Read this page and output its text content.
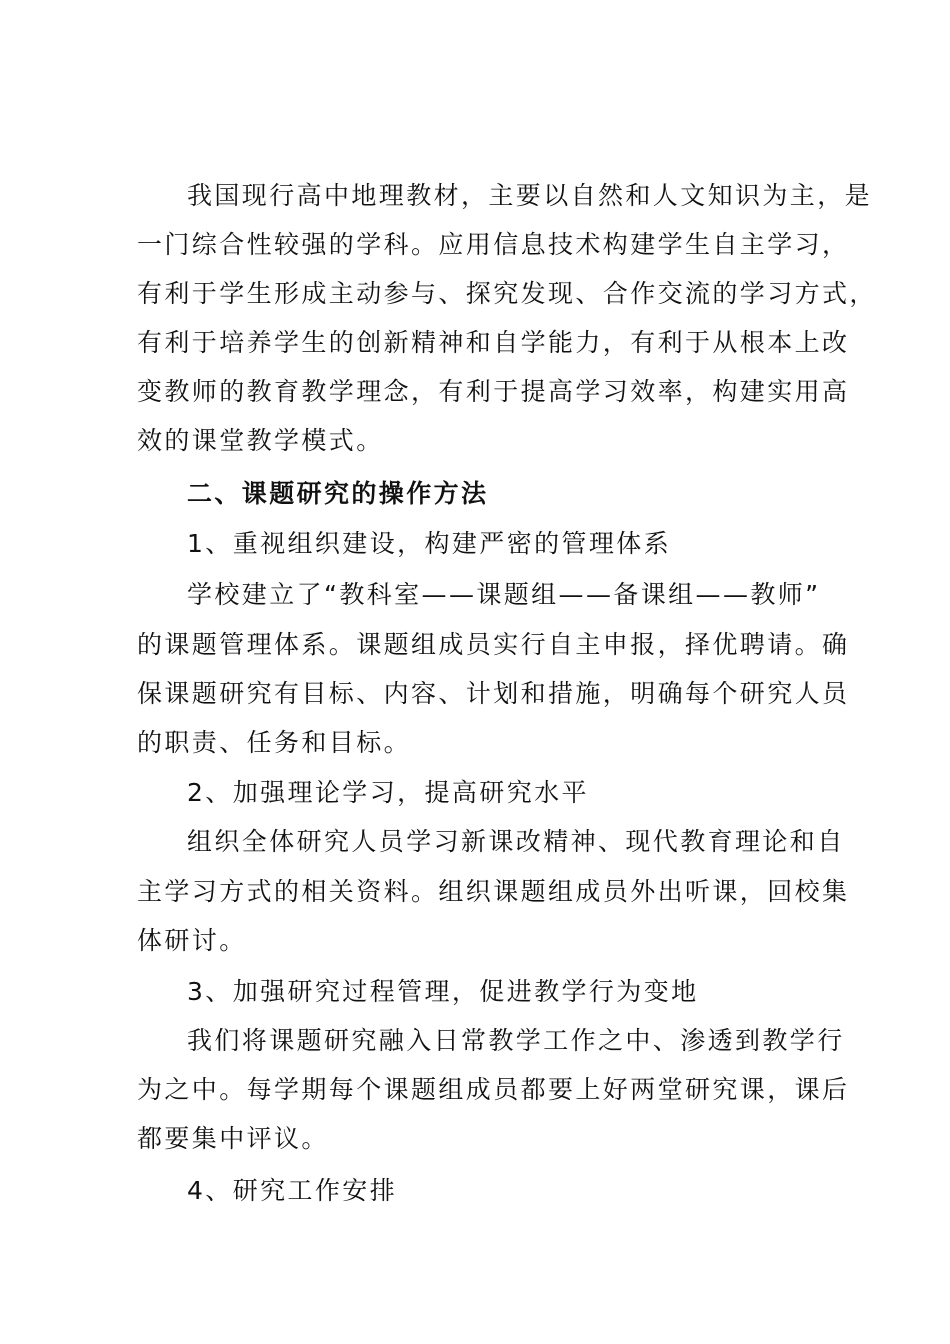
我国现行高中地理教材，主要以自然和人文知识为主，是
一门综合性较强的学科。应用信息技术构建学生自主学习，
有利于学生形成主动参与、探究发现、合作交流的学习方式，
有利于培养学生的创新精神和自学能力，有利于从根本上改
变教师的教育教学理念，有利于提高学习效率，构建实用高
效的课堂教学模式。
二、课题研究的操作方法
1、重视组织建设，构建严密的管理体系
学校建立了“教科室——课题组——备课组——教师”
的课题管理体系。课题组成员实行自主申报，择优聘请。确
保课题研究有目标、内容、计划和措施，明确每个研究人员
的职责、任务和目标。
2、加强理论学习，提高研究水平
组织全体研究人员学习新课改精神、现代教育理论和自
主学习方式的相关资料。组织课题组成员外出听课，回校集
体研讨。
3、加强研究过程管理，促进教学行为变地
我们将课题研究融入日常教学工作之中、渗透到教学行
为之中。每学期每个课题组成员都要上好两堂研究课，课后
都要集中评议。
4、研究工作安排
